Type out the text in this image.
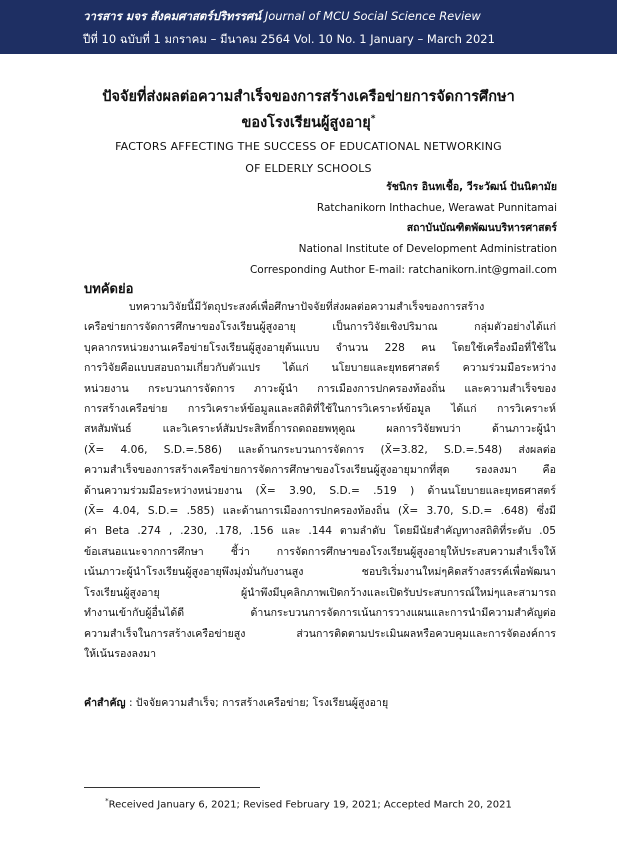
วารสาร มจร สังคมศาสตร์ปริทรรศน์ Journal of MCU Social Science Review
ปีที่ 10 ฉบับที่ 1 มกราคม – มีนาคม 2564 Vol. 10 No. 1 January – March 2021
ปัจจัยที่ส่งผลต่อความสำเร็จของการสร้างเครือข่ายการจัดการศึกษา
ของโรงเรียนผู้สูงอายุ*
FACTORS AFFECTING THE SUCCESS OF EDUCATIONAL NETWORKING
OF ELDERLY SCHOOLS
รัชนิกร อินทเชื้อ, วีระวัฒน์ ปันนิตามัย
Ratchanikorn Inthachue, Werawat Punnitamai
สถาบันบัณฑิตพัฒนบริหารศาสตร์
National Institute of Development Administration
Corresponding Author E-mail: ratchanikorn.int@gmail.com
บทคัดย่อ
บทความวิจัยนี้มีวัตถุประสงค์เพื่อศึกษาปัจจัยที่ส่งผลต่อความสำเร็จของการสร้าง
เครือข่ายการจัดการศึกษาของโรงเรียนผู้สูงอายุ เป็นการวิจัยเชิงปริมาณ กลุ่มตัวอย่างได้แก่
บุคลากรหน่วยงานเครือข่ายโรงเรียนผู้สูงอายุต้นแบบ จำนวน 228 คน โดยใช้เครื่องมือที่ใช้ใน
การวิจัยคือแบบสอบถามเกี่ยวกับตัวแปร ได้แก่ นโยบายและยุทธศาสตร์ ความร่วมมือระหว่าง
หน่วยงาน กระบวนการจัดการ ภาวะผู้นำ การเมืองการปกครองท้องถิ่น และความสำเร็จของ
การสร้างเครือข่าย การวิเคราะห์ข้อมูลและสถิติที่ใช้ในการวิเคราะห์ข้อมูล ได้แก่ การวิเคราะห์
สหสัมพันธ์ และวิเคราะห์สัมประสิทธิ์การถดถอยพหุคูณ ผลการวิจัยพบว่า ด้านภาวะผู้นำ
(X̄= 4.06, S.D.=.586) และด้านกระบวนการจัดการ (X̄=3.82, S.D.=.548) ส่งผลต่อ
ความสำเร็จของการสร้างเครือข่ายการจัดการศึกษาของโรงเรียนผู้สูงอายุมากที่สุด รองลงมา คือ
ด้านความร่วมมือระหว่างหน่วยงาน (X̄= 3.90, S.D.= .519 ) ด้านนโยบายและยุทธศาสตร์
(X̄= 4.04, S.D.= .585) และด้านการเมืองการปกครองท้องถิ่น (X̄= 3.70, S.D.= .648) ซึ่งมี
ค่า Beta .274 , .230, .178, .156 และ .144 ตามลำดับ โดยมีนัยสำคัญทางสถิติที่ระดับ .05
ข้อเสนอแนะจากการศึกษา ชี้ว่า การจัดการศึกษาของโรงเรียนผู้สูงอายุให้ประสบความสำเร็จให้
เน้นภาวะผู้นำโรงเรียนผู้สูงอายุพึงมุ่งมั่นกับงานสูง ชอบริเริ่มงานใหม่ๆคิดสร้างสรรค์เพื่อพัฒนา
โรงเรียนผู้สูงอายุ ผู้นำพึงมีบุคลิกภาพเปิดกว้างและเปิดรับประสบการณ์ใหม่ๆและสามารถ
ทำงานเข้ากับผู้อื่นได้ดี ด้านกระบวนการจัดการเน้นการวางแผนและการนำมีความสำคัญต่อ
ความสำเร็จในการสร้างเครือข่ายสูง ส่วนการติดตามประเมินผลหรือควบคุมและการจัดองค์การ
ให้เน้นรองลงมา
คำสำคัญ : ปัจจัยความสำเร็จ; การสร้างเครือข่าย; โรงเรียนผู้สูงอายุ
*Received January 6, 2021; Revised February 19, 2021; Accepted March 20, 2021
